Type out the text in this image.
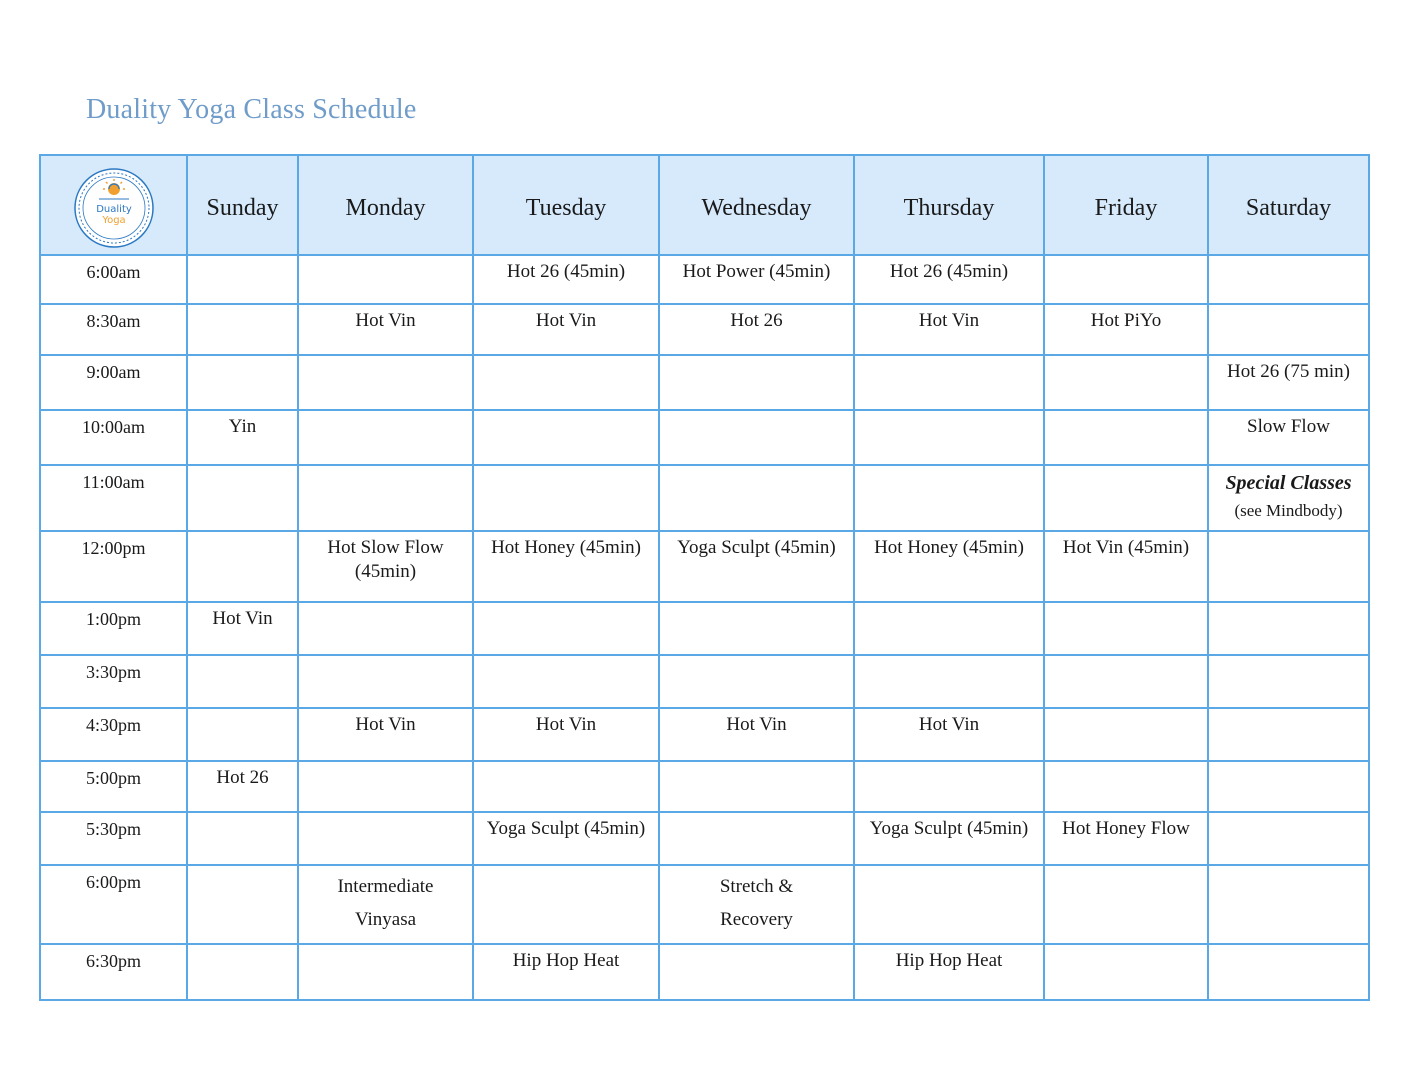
Duality Yoga Class Schedule
Duality
Yoga	Sunday	Monday	Tuesday	Wednesday	Thursday	Friday	Saturday
6:00am			Hot 26 (45min)	Hot Power (45min)	Hot 26 (45min)		
8:30am		Hot Vin	Hot Vin	Hot 26	Hot Vin	Hot PiYo	
9:00am							Hot 26 (75 min)
10:00am	Yin						Slow Flow
11:00am							Special Classes
(see Mindbody)

12:00pm		Hot Slow Flow (45min)	Hot Honey (45min)	Yoga Sculpt (45min)	Hot Honey (45min)	Hot Vin (45min)	
1:00pm	Hot Vin						
3:30pm							
4:30pm		Hot Vin	Hot Vin	Hot Vin	Hot Vin		
5:00pm	Hot 26						
5:30pm			Yoga Sculpt (45min)		Yoga Sculpt (45min)	Hot Honey Flow	
6:00pm		Intermediate Vinyasa		Stretch & Recovery			
6:30pm			Hip Hop Heat		Hip Hop Heat		
